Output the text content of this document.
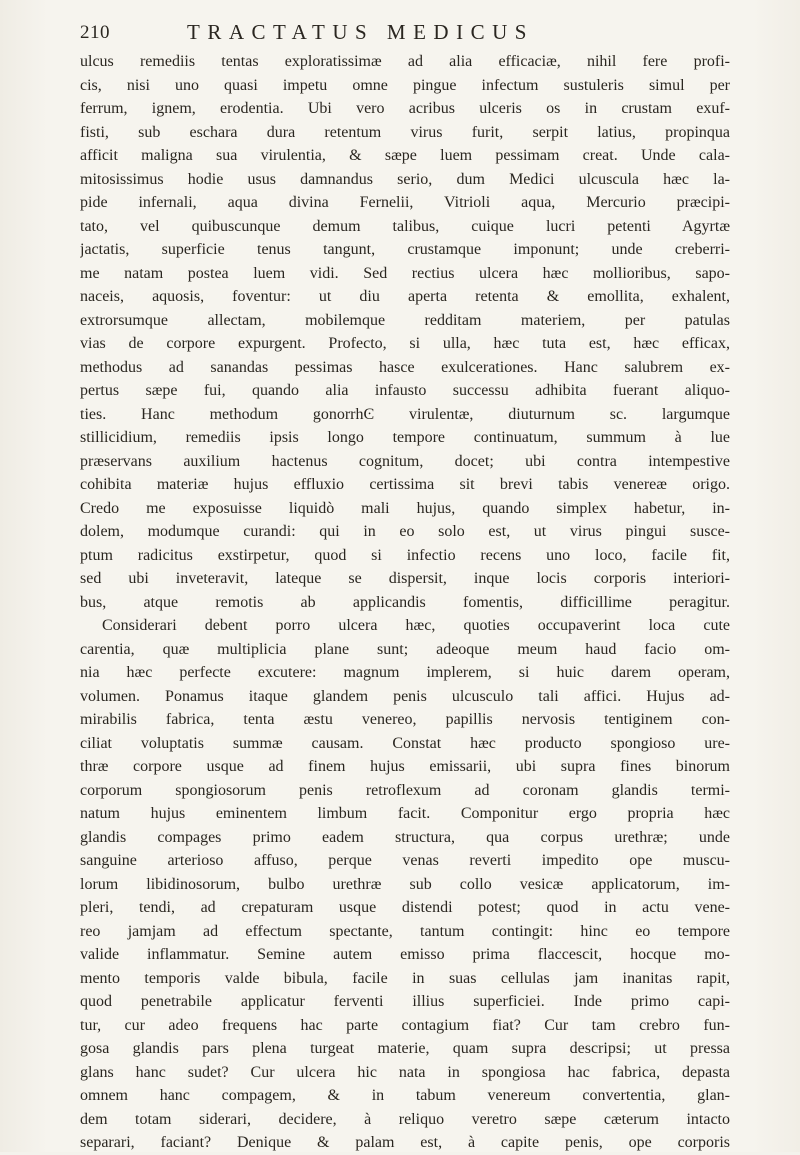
210	TRACTATUS MEDICUS
ulcus remediis tentas exploratissimæ ad alia efficaciæ, nihil fere profi-
cis, nisi uno quasi impetu omne pingue infectum sustuleris simul per
ferrum, ignem, erodentia. Ubi vero acribus ulceris os in crustam exuf-
fisti, sub eschara dura retentum virus furit, serpit latius, propinqua
afficit maligna sua virulentia, & sæpe luem pessimam creat. Unde cala-
mitosissimus hodie usus damnandus serio, dum Medici ulcuscula hæc la-
pide infernali, aqua divina Fernelii, Vitrioli aqua, Mercurio præcipi-
tato, vel quibuscunque demum talibus, cuique lucri petenti Agyrtæ
jactatis, superficie tenus tangunt, crustamque imponunt; unde creberri-
me natam postea luem vidi. Sed rectius ulcera hæc mollioribus, sapo-
naceis, aquosis, foventur: ut diu aperta retenta & emollita, exhalent,
extrorsumque allectam, mobilemque redditam materiem, per patulas
vias de corpore expurgent. Profecto, si ulla, hæc tuta est, hæc efficax,
methodus ad sanandas pessimas hasce exulcerationes. Hanc salubrem ex-
pertus sæpe fui, quando alia infausto successu adhibita fuerant aliquo-
ties. Hanc methodum gonorrhϾ virulentæ, diuturnum sc. largumque
stillicidium, remediis ipsis longo tempore continuatum, summum à lue
præservans auxilium hactenus cognitum, docet; ubi contra intempestive
cohibita materiæ hujus effluxio certissima sit brevi tabis venereæ origo.
Credo me exposuisse liquidò mali hujus, quando simplex habetur, in-
dolem, modumque curandi: qui in eo solo est, ut virus pingui susce-
ptum radicitus exstirpetur, quod si infectio recens uno loco, facile fit,
sed ubi inveteravit, lateque se dispersit, inque locis corporis interiori-
bus, atque remotis ab applicandis fomentis, difficillime peragitur.
Considerari debent porro ulcera hæc, quoties occupaverint loca cute
carentia, quæ multiplicia plane sunt; adeoque meum haud facio om-
nia hæc perfecte excutere: magnum implerem, si huic darem operam,
volumen. Ponamus itaque glandem penis ulcusculo tali affici. Hujus ad-
mirabilis fabrica, tenta æstu venereo, papillis nervosis tentiginem con-
ciliat voluptatis summæ causam. Constat hæc producto spongioso ure-
thræ corpore usque ad finem hujus emissarii, ubi supra fines binorum
corporum spongiosorum penis retroflexum ad coronam glandis termi-
natum hujus eminentem limbum facit. Componitur ergo propria hæc
glandis compages primo eadem structura, qua corpus urethræ; unde
sanguine arterioso affuso, perque venas reverti impedito ope muscu-
lorum libidinosorum, bulbo urethræ sub collo vesicæ applicatorum, im-
pleri, tendi, ad crepaturam usque distendi potest; quod in actu vene-
reo jamjam ad effectum spectante, tantum contingit: hinc eo tempore
valide inflammatur. Semine autem emisso prima flaccescit, hocque mo-
mento temporis valde bibula, facile in suas cellulas jam inanitas rapit,
quod penetrabile applicatur ferventi illius superficiei. Inde primo capi-
tur, cur adeo frequens hac parte contagium fiat? Cur tam crebro fun-
gosa glandis pars plena turgeat materie, quam supra descripsi; ut pressa
glans hanc sudet? Cur ulcera hic nata in spongiosa hac fabrica, depasta
omnem hanc compagem, & in tabum venereum convertentia, glan-
dem totam siderari, decidere, à reliquo veretro sæpe cæterum intacto
separari, faciant? Denique & palam est, à capite penis, ope corporis
